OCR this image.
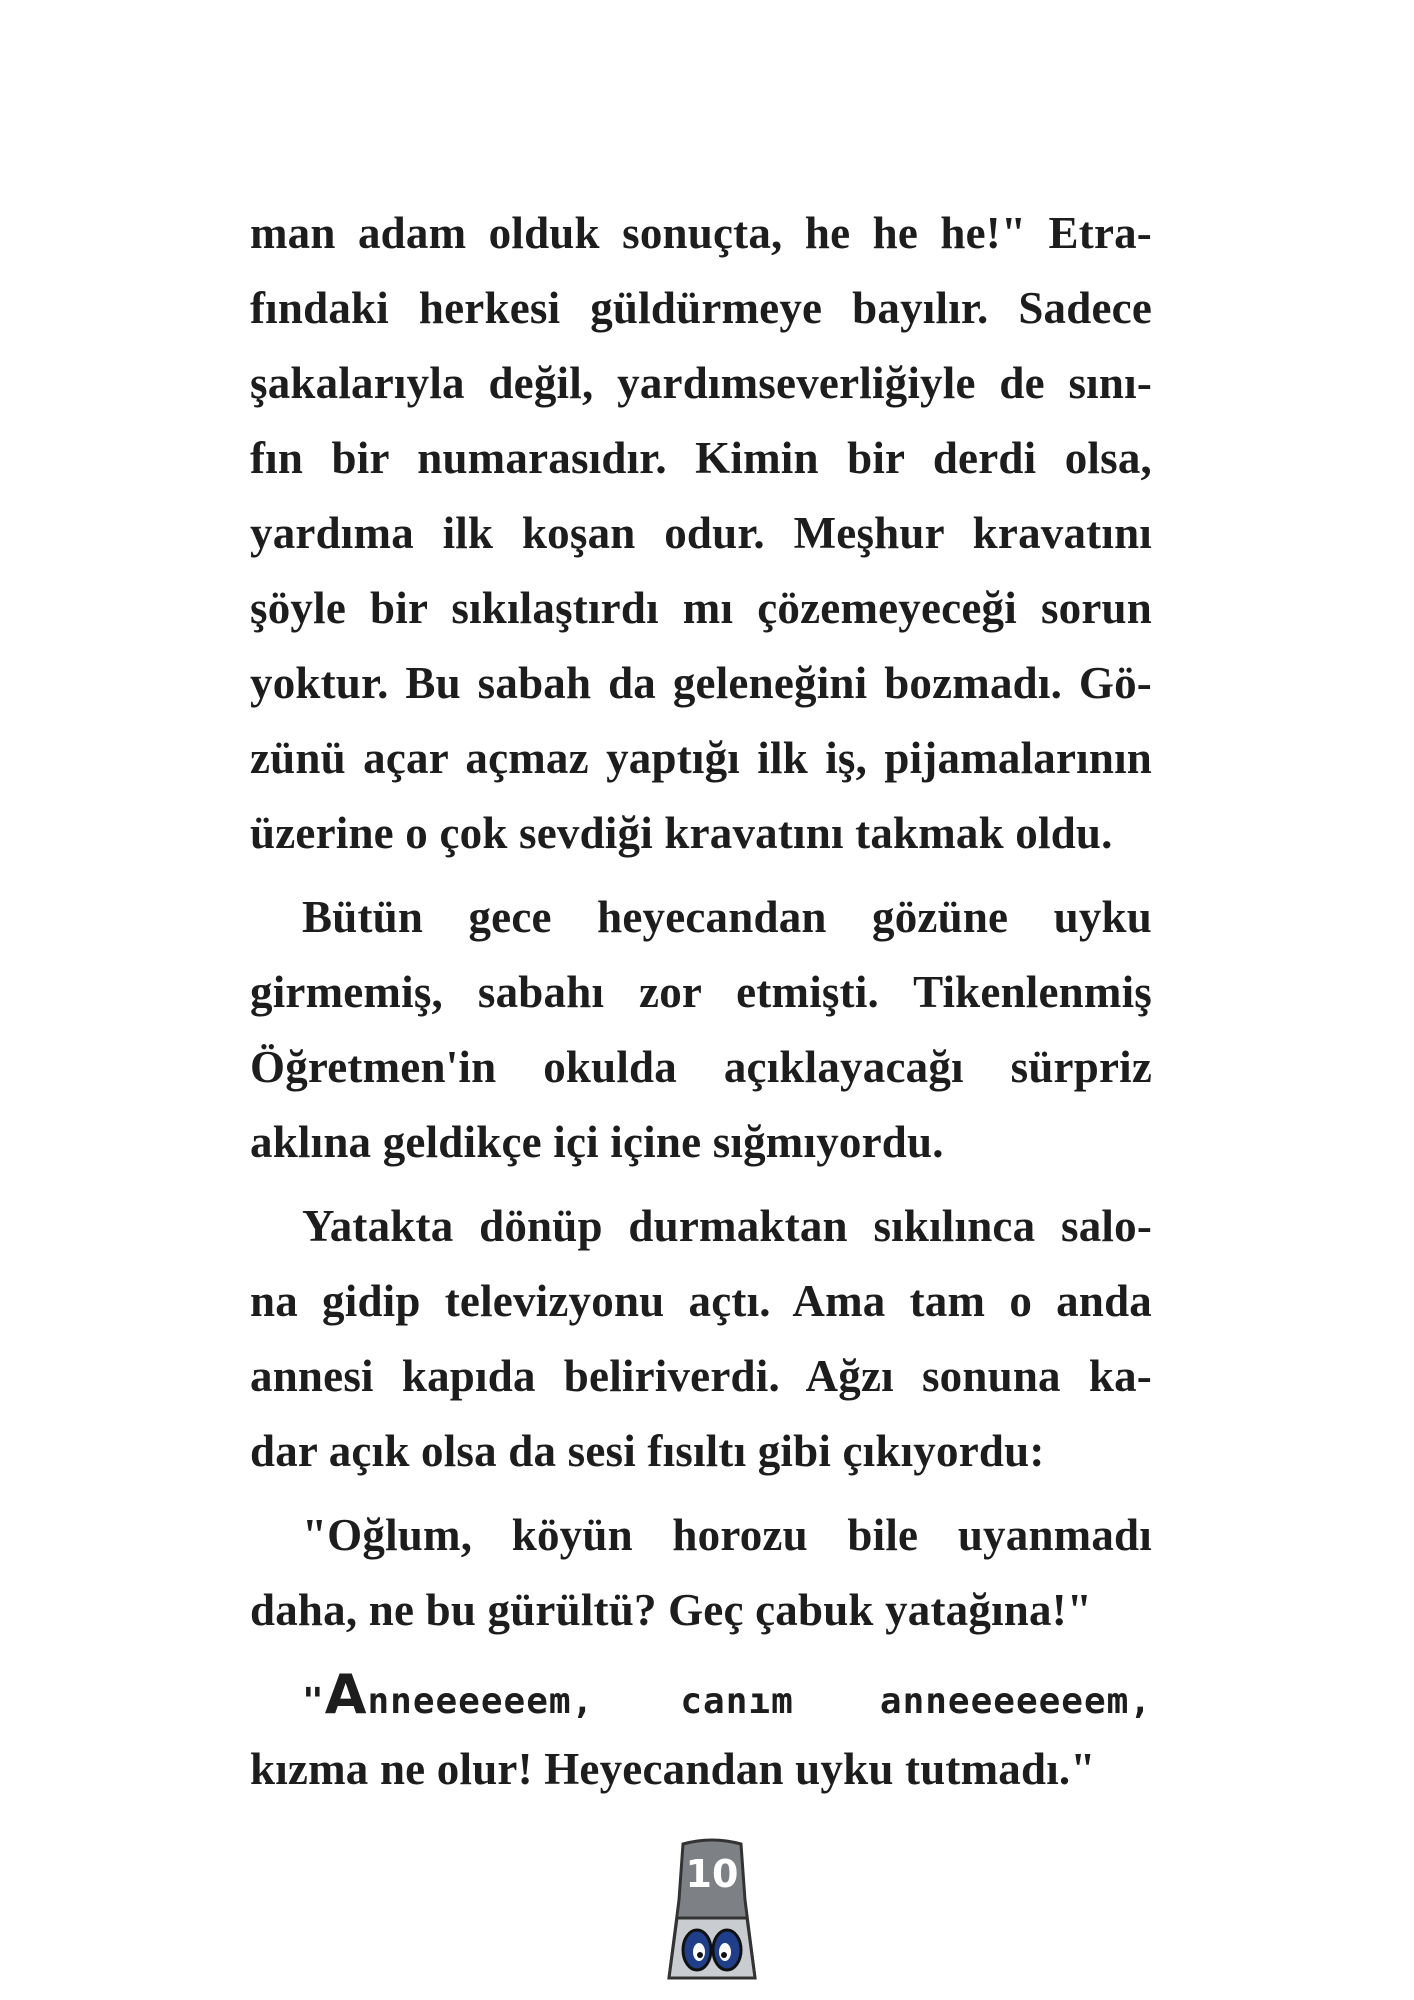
man adam olduk sonuçta, he he he!" Etra-
fındaki herkesi güldürmeye bayılır. Sadece
şakalarıyla değil, yardımseverliğiyle de sını-
fın bir numarasıdır. Kimin bir derdi olsa,
yardıma ilk koşan odur. Meşhur kravatını
şöyle bir sıkılaştırdı mı çözemeyeceği sorun
yoktur. Bu sabah da geleneğini bozmadı. Gö-
zünü açar açmaz yaptığı ilk iş, pijamalarının
üzerine o çok sevdiği kravatını takmak oldu.
Bütün gece heyecandan gözüne uyku
girmemiş, sabahı zor etmişti. Tikenlenmiş
Öğretmen'in okulda açıklayacağı sürpriz
aklına geldikçe içi içine sığmıyordu.
Yatakta dönüp durmaktan sıkılınca salo-
na gidip televizyonu açtı. Ama tam o anda
annesi kapıda beliriverdi. Ağzı sonuna ka-
dar açık olsa da sesi fısıltı gibi çıkıyordu:
"Oğlum, köyün horozu bile uyanmadı
daha, ne bu gürültü? Geç çabuk yatağına!"
"Anneeeeeem, canım anneeeeeeem,
kızma ne olur! Heyecandan uyku tutmadı."
10
